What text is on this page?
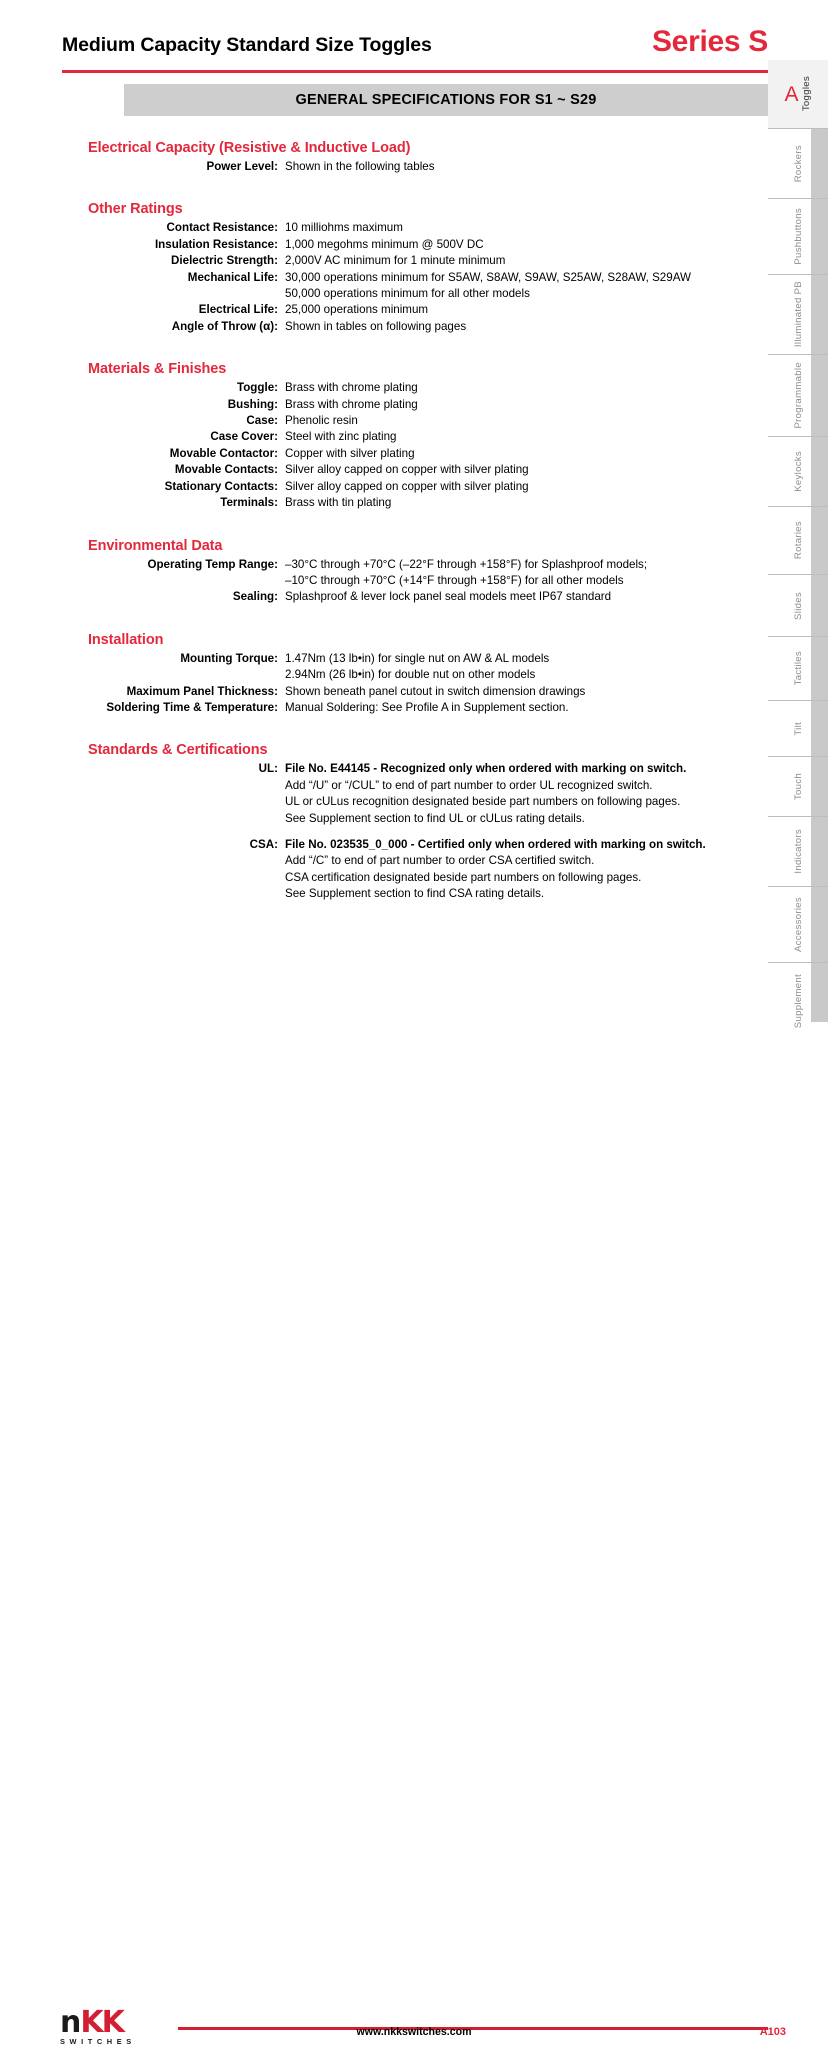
Medium Capacity Standard Size Toggles	Series S
GENERAL SPECIFICATIONS FOR S1 ~ S29
Electrical Capacity (Resistive & Inductive Load)
Power Level: Shown in the following tables
Other Ratings
Contact Resistance: 10 milliohms maximum
Insulation Resistance: 1,000 megohms minimum @ 500V DC
Dielectric Strength: 2,000V AC minimum for 1 minute minimum
Mechanical Life: 30,000 operations minimum for S5AW, S8AW, S9AW, S25AW, S28AW, S29AW
50,000 operations minimum for all other models
Electrical Life: 25,000 operations minimum
Angle of Throw (α): Shown in tables on following pages
Materials & Finishes
Toggle: Brass with chrome plating
Bushing: Brass with chrome plating
Case: Phenolic resin
Case Cover: Steel with zinc plating
Movable Contactor: Copper with silver plating
Movable Contacts: Silver alloy capped on copper with silver plating
Stationary Contacts: Silver alloy capped on copper with silver plating
Terminals: Brass with tin plating
Environmental Data
Operating Temp Range: –30°C through +70°C (–22°F through +158°F) for Splashproof models;
–10°C through +70°C (+14°F through +158°F) for all other models
Sealing: Splashproof & lever lock panel seal models meet IP67 standard
Installation
Mounting Torque: 1.47Nm (13 lb•in) for single nut on AW & AL models
2.94Nm (26 lb•in) for double nut on other models
Maximum Panel Thickness: Shown beneath panel cutout in switch dimension drawings
Soldering Time & Temperature: Manual Soldering: See Profile A in Supplement section.
Standards & Certifications
UL: File No. E44145 - Recognized only when ordered with marking on switch.
Add “/U” or “/CUL” to end of part number to order UL recognized switch.
UL or cULus recognition designated beside part numbers on following pages.
See Supplement section to find UL or cULus rating details.
CSA: File No. 023535_0_000 - Certified only when ordered with marking on switch.
Add “/C” to end of part number to order CSA certified switch.
CSA certification designated beside part numbers on following pages.
See Supplement section to find CSA rating details.
A Toggles
Rockers
Pushbuttons
Illuminated PB
Programmable
Keylocks
Rotaries
Slides
Tactiles
Tilt
Touch
Indicators
Accessories
Supplement
n KK
SWITCHES
www.nkkswitches.com	A103
